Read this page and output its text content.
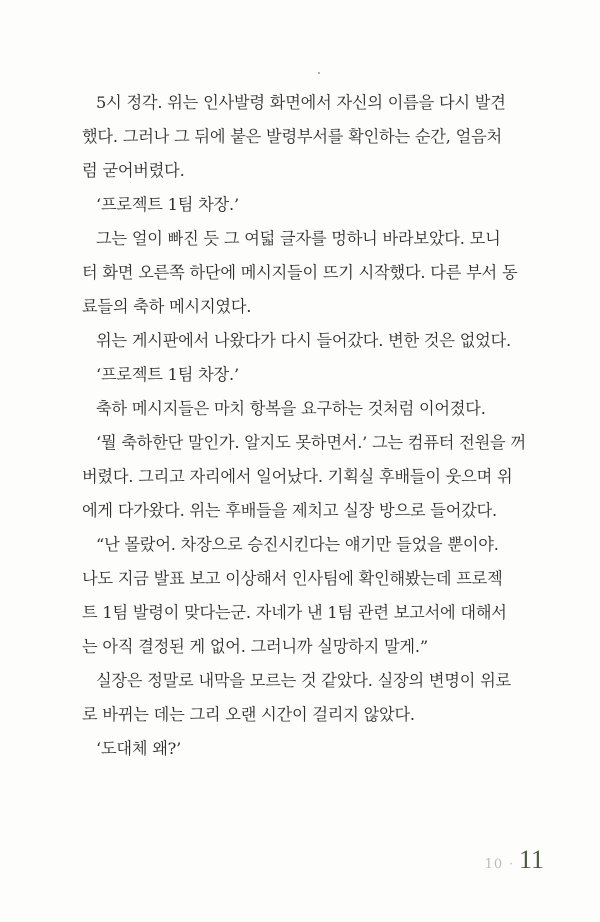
5시 정각. 위는 인사발령 화면에서 자신의 이름을 다시 발견
했다. 그러나 그 뒤에 붙은 발령부서를 확인하는 순간, 얼음처
럼 굳어버렸다.
‘프로젝트 1팀 차장.’
그는 얼이 빠진 듯 그 여덟 글자를 멍하니 바라보았다. 모니
터 화면 오른쪽 하단에 메시지들이 뜨기 시작했다. 다른 부서 동
료들의 축하 메시지였다.
위는 게시판에서 나왔다가 다시 들어갔다. 변한 것은 없었다.
‘프로젝트 1팀 차장.’
축하 메시지들은 마치 항복을 요구하는 것처럼 이어졌다.
‘뭘 축하한단 말인가. 알지도 못하면서.’ 그는 컴퓨터 전원을 꺼
버렸다. 그리고 자리에서 일어났다. 기획실 후배들이 웃으며 위
에게 다가왔다. 위는 후배들을 제치고 실장 방으로 들어갔다.
“난 몰랐어. 차장으로 승진시킨다는 얘기만 들었을 뿐이야.
나도 지금 발표 보고 이상해서 인사팀에 확인해봤는데 프로젝
트 1팀 발령이 맞다는군. 자네가 낸 1팀 관련 보고서에 대해서
는 아직 결정된 게 없어. 그러니까 실망하지 말게.”
실장은 정말로 내막을 모르는 것 같았다. 실장의 변명이 위로
로 바뀌는 데는 그리 오랜 시간이 걸리지 않았다.
‘도대체 왜?’
10 · 11
